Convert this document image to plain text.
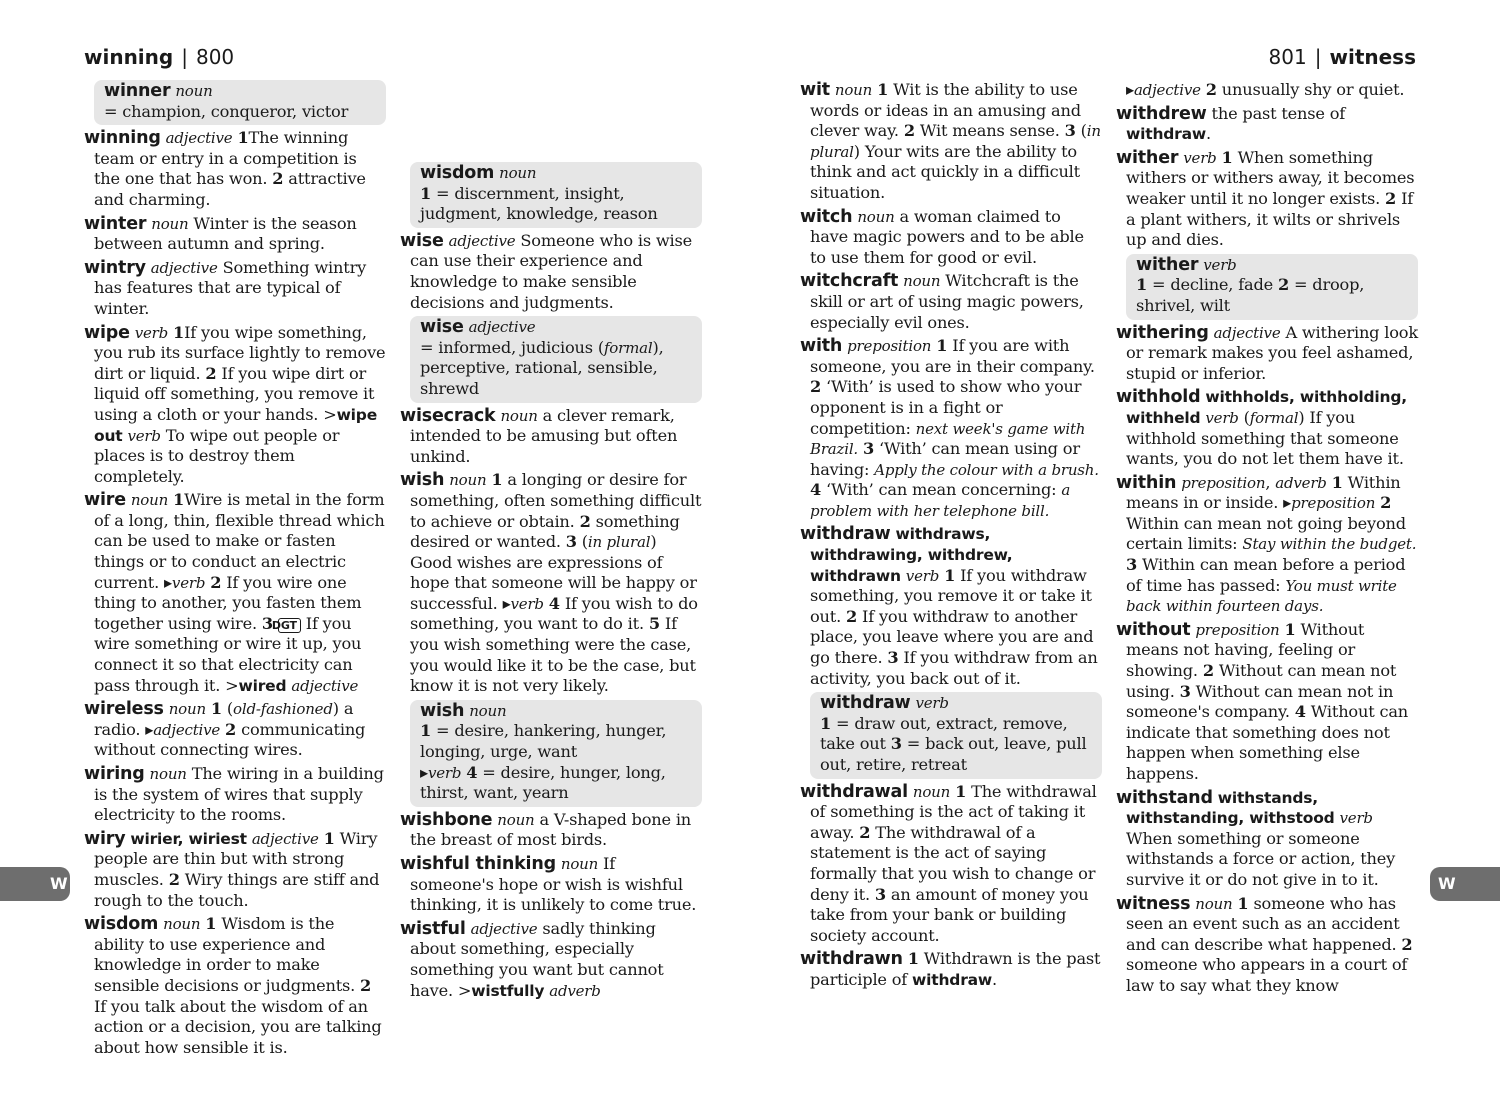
winning | 800	801 | witness
W	W
winner noun
= champion, conqueror, victor
winning adjective 1The winning team or entry in a competition is the one that has won. 2 attractive and charming.
winter noun Winter is the season between autumn and spring.
wintry adjective Something wintry has features that are typical of winter.
wipe verb 1If you wipe something, you rub its surface lightly to remove dirt or liquid. 2 If you wipe dirt or liquid off something, you remove it using a cloth or your hands. >wipe out verb To wipe out people or places is to destroy them completely.
wire noun 1Wire is metal in the form of a long, thin, flexible thread which can be used to make or fasten things or to conduct an electric current. ▸verb 2 If you wire one thing to another, you fasten them together using wire. 3 DGT If you wire something or wire it up, you connect it so that electricity can pass through it. >wired adjective
wireless noun 1 (old-fashioned) a radio. ▸adjective 2 communicating without connecting wires.
wiring noun The wiring in a building is the system of wires that supply electricity to the rooms.
wiry wirier, wiriest adjective 1 Wiry people are thin but with strong muscles. 2 Wiry things are stiff and rough to the touch.
wisdom noun 1 Wisdom is the ability to use experience and knowledge in order to make sensible decisions or judgments. 2 If you talk about the wisdom of an action or a decision, you are talking about how sensible it is.
wisdom noun
1 = discernment, insight, judgment, knowledge, reason
wise adjective Someone who is wise can use their experience and knowledge to make sensible decisions and judgments.
wise adjective
= informed, judicious (formal), perceptive, rational, sensible, shrewd
wisecrack noun a clever remark, intended to be amusing but often unkind.
wish noun 1 a longing or desire for something, often something difficult to achieve or obtain. 2 something desired or wanted. 3 (in plural) Good wishes are expressions of hope that someone will be happy or successful. ▸verb 4 If you wish to do something, you want to do it. 5 If you wish something were the case, you would like it to be the case, but know it is not very likely.
wish noun
1 = desire, hankering, hunger, longing, urge, want
▸verb 4 = desire, hunger, long, thirst, want, yearn
wishbone noun a V-shaped bone in the breast of most birds.
wishful thinking noun If someone's hope or wish is wishful thinking, it is unlikely to come true.
wistful adjective sadly thinking about something, especially something you want but cannot have. >wistfully adverb
wit noun 1 Wit is the ability to use words or ideas in an amusing and clever way. 2 Wit means sense. 3 (in plural) Your wits are the ability to think and act quickly in a difficult situation.
witch noun a woman claimed to have magic powers and to be able to use them for good or evil.
witchcraft noun Witchcraft is the skill or art of using magic powers, especially evil ones.
with preposition 1 If you are with someone, you are in their company. 2 ‘With’ is used to show who your opponent is in a fight or competition: next week's game with Brazil. 3 ‘With’ can mean using or having: Apply the colour with a brush. 4 ‘With’ can mean concerning: a problem with her telephone bill.
withdraw withdraws, withdrawing, withdrew, withdrawn verb 1 If you withdraw something, you remove it or take it out. 2 If you withdraw to another place, you leave where you are and go there. 3 If you withdraw from an activity, you back out of it.
withdraw verb
1 = draw out, extract, remove, take out 3 = back out, leave, pull out, retire, retreat
withdrawal noun 1 The withdrawal of something is the act of taking it away. 2 The withdrawal of a statement is the act of saying formally that you wish to change or deny it. 3 an amount of money you take from your bank or building society account.
withdrawn 1 Withdrawn is the past participle of withdraw.
▸adjective 2 unusually shy or quiet.
withdrew the past tense of withdraw.
wither verb 1 When something withers or withers away, it becomes weaker until it no longer exists. 2 If a plant withers, it wilts or shrivels up and dies.
wither verb
1 = decline, fade 2 = droop, shrivel, wilt
withering adjective A withering look or remark makes you feel ashamed, stupid or inferior.
withhold withholds, withholding, withheld verb (formal) If you withhold something that someone wants, you do not let them have it.
within preposition, adverb 1 Within means in or inside. ▸preposition 2 Within can mean not going beyond certain limits: Stay within the budget. 3 Within can mean before a period of time has passed: You must write back within fourteen days.
without preposition 1 Without means not having, feeling or showing. 2 Without can mean not using. 3 Without can mean not in someone's company. 4 Without can indicate that something does not happen when something else happens.
withstand withstands, withstanding, withstood verb When something or someone withstands a force or action, they survive it or do not give in to it.
witness noun 1 someone who has seen an event such as an accident and can describe what happened. 2 someone who appears in a court of law to say what they know
